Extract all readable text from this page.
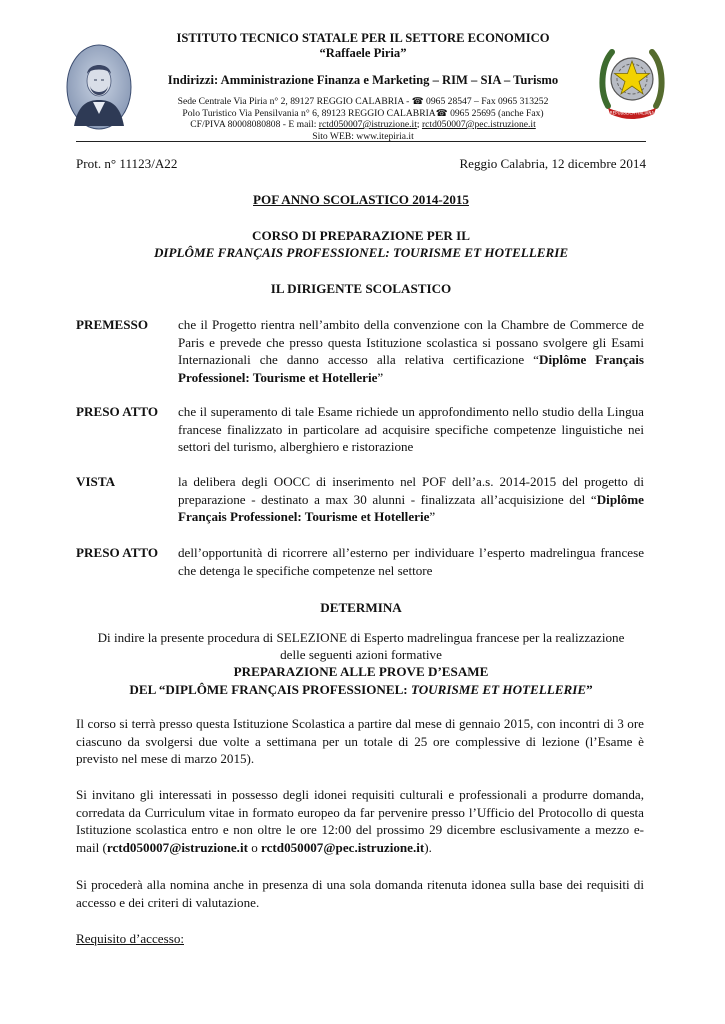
ISTITUTO TECNICO STATALE PER IL SETTORE ECONOMICO
“Raffaele Piria”
Indirizzi: Amministrazione Finanza e Marketing – RIM – SIA – Turismo
Sede Centrale Via Piria n° 2, 89127 REGGIO CALABRIA - ☎ 0965 28547 – Fax 0965 313252
Polo Turistico Via Pensilvania n° 6, 89123 REGGIO CALABRIA☎ 0965 25695 (anche Fax)
CF/PIVA 80008080808 - E mail: rctd050007@istruzione.it; rctd050007@pec.istruzione.it
Sito WEB: www.itepiria.it
REPUBBLICA ITALIANA
Prot. n° 11123/A22	Reggio Calabria, 12 dicembre 2014
POF ANNO SCOLASTICO 2014-2015
CORSO DI PREPARAZIONE PER IL
DIPLÔME FRANÇAIS PROFESSIONEL: TOURISME ET HOTELLERIE
IL DIRIGENTE SCOLASTICO
PREMESSO che il Progetto rientra nell’ambito della convenzione con la Chambre de Commerce de Paris e prevede che presso questa Istituzione scolastica si possano svolgere gli Esami Internazionali che danno accesso alla relativa certificazione “Diplôme Français Professionel: Tourisme et Hotellerie”
PRESO ATTO che il superamento di tale Esame richiede un approfondimento nello studio della Lingua francese finalizzato in particolare ad acquisire specifiche competenze linguistiche nei settori del turismo, alberghiero e ristorazione
VISTA	la delibera degli OOCC di inserimento nel POF dell’a.s. 2014-2015 del progetto di preparazione - destinato a max 30 alunni - finalizzata all’acquisizione del “Diplôme Français Professionel: Tourisme et Hotellerie”
PRESO ATTO dell’opportunità di ricorrere all’esterno per individuare l’esperto madrelingua francese che detenga le specifiche competenze nel settore
DETERMINA
Di indire la presente procedura di SELEZIONE di Esperto madrelingua francese per la realizzazione
delle seguenti azioni formative
PREPARAZIONE ALLE PROVE D’ESAME
DEL “DIPLÔME FRANÇAIS PROFESSIONEL: TOURISME ET HOTELLERIE”
Il corso si terrà presso questa Istituzione Scolastica a partire dal mese di gennaio 2015, con incontri di 3 ore ciascuno da svolgersi due volte a settimana per un totale di 25 ore complessive di lezione (l’Esame è previsto nel mese di marzo 2015).
Si invitano gli interessati in possesso degli idonei requisiti culturali e professionali a produrre domanda, corredata da Curriculum vitae in formato europeo da far pervenire presso l’Ufficio del Protocollo di questa Istituzione scolastica entro e non oltre le ore 12:00 del prossimo 29 dicembre esclusivamente a mezzo e-mail (rctd050007@istruzione.it o rctd050007@pec.istruzione.it).
Si procederà alla nomina anche in presenza di una sola domanda ritenuta idonea sulla base dei requisiti di accesso e dei criteri di valutazione.
Requisito d’accesso:
